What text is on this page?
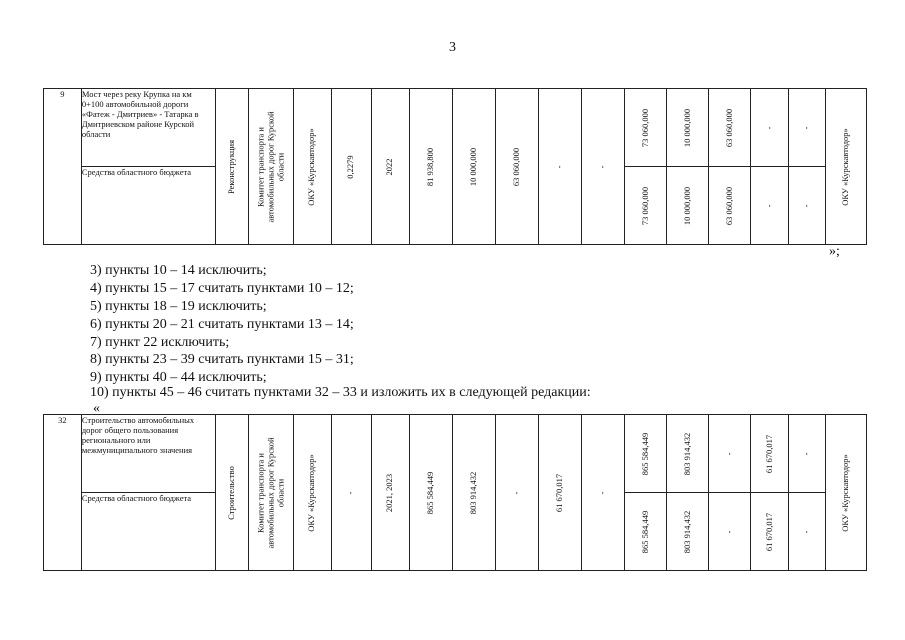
3
9	Мост через реку Крупка на км 0+100 автомобильной дороги «Фатеж - Дмитриев» - Татарка в Дмитриевском районе Курской области	Реконструкция	Комитет транспорта и автомобильных дорог Курской области	ОКУ «Курскавтодор»	0,2279	2022	81 938,800	10 000,000	63 060,000	-	-	73 060,000	10 000,000	63 060,000	-	-	ОКУ «Курскавтодор»

	Средства областного бюджета											73 060,000	10 000,000	63 060,000	-	-	
»;
3) пункты 10 – 14 исключить;
4) пункты 15 – 17 считать пунктами 10 – 12;
5) пункты 18 – 19 исключить;
6) пункты 20 – 21 считать пунктами 13 – 14;
7) пункт 22 исключить;
8) пункты 23 – 39 считать пунктами 15 – 31;
9) пункты 40 – 44 исключить;
10) пункты 45 – 46 считать пунктами 32 – 33 и изложить их в следующей редакции:
«
32	Строительство автомобильных дорог общего пользования регионального или межмуниципального значения	Строительство	Комитет транспорта и автомобильных дорог Курской области	ОКУ «Курскавтодор»	-	2021, 2023	865 584,449	803 914,432	-	61 670,017	-	865 584,449	803 914,432	-	61 670,017	-	ОКУ «Курскавтодор»

	Средства областного бюджета											865 584,449	803 914,432	-	61 670,017	-	
